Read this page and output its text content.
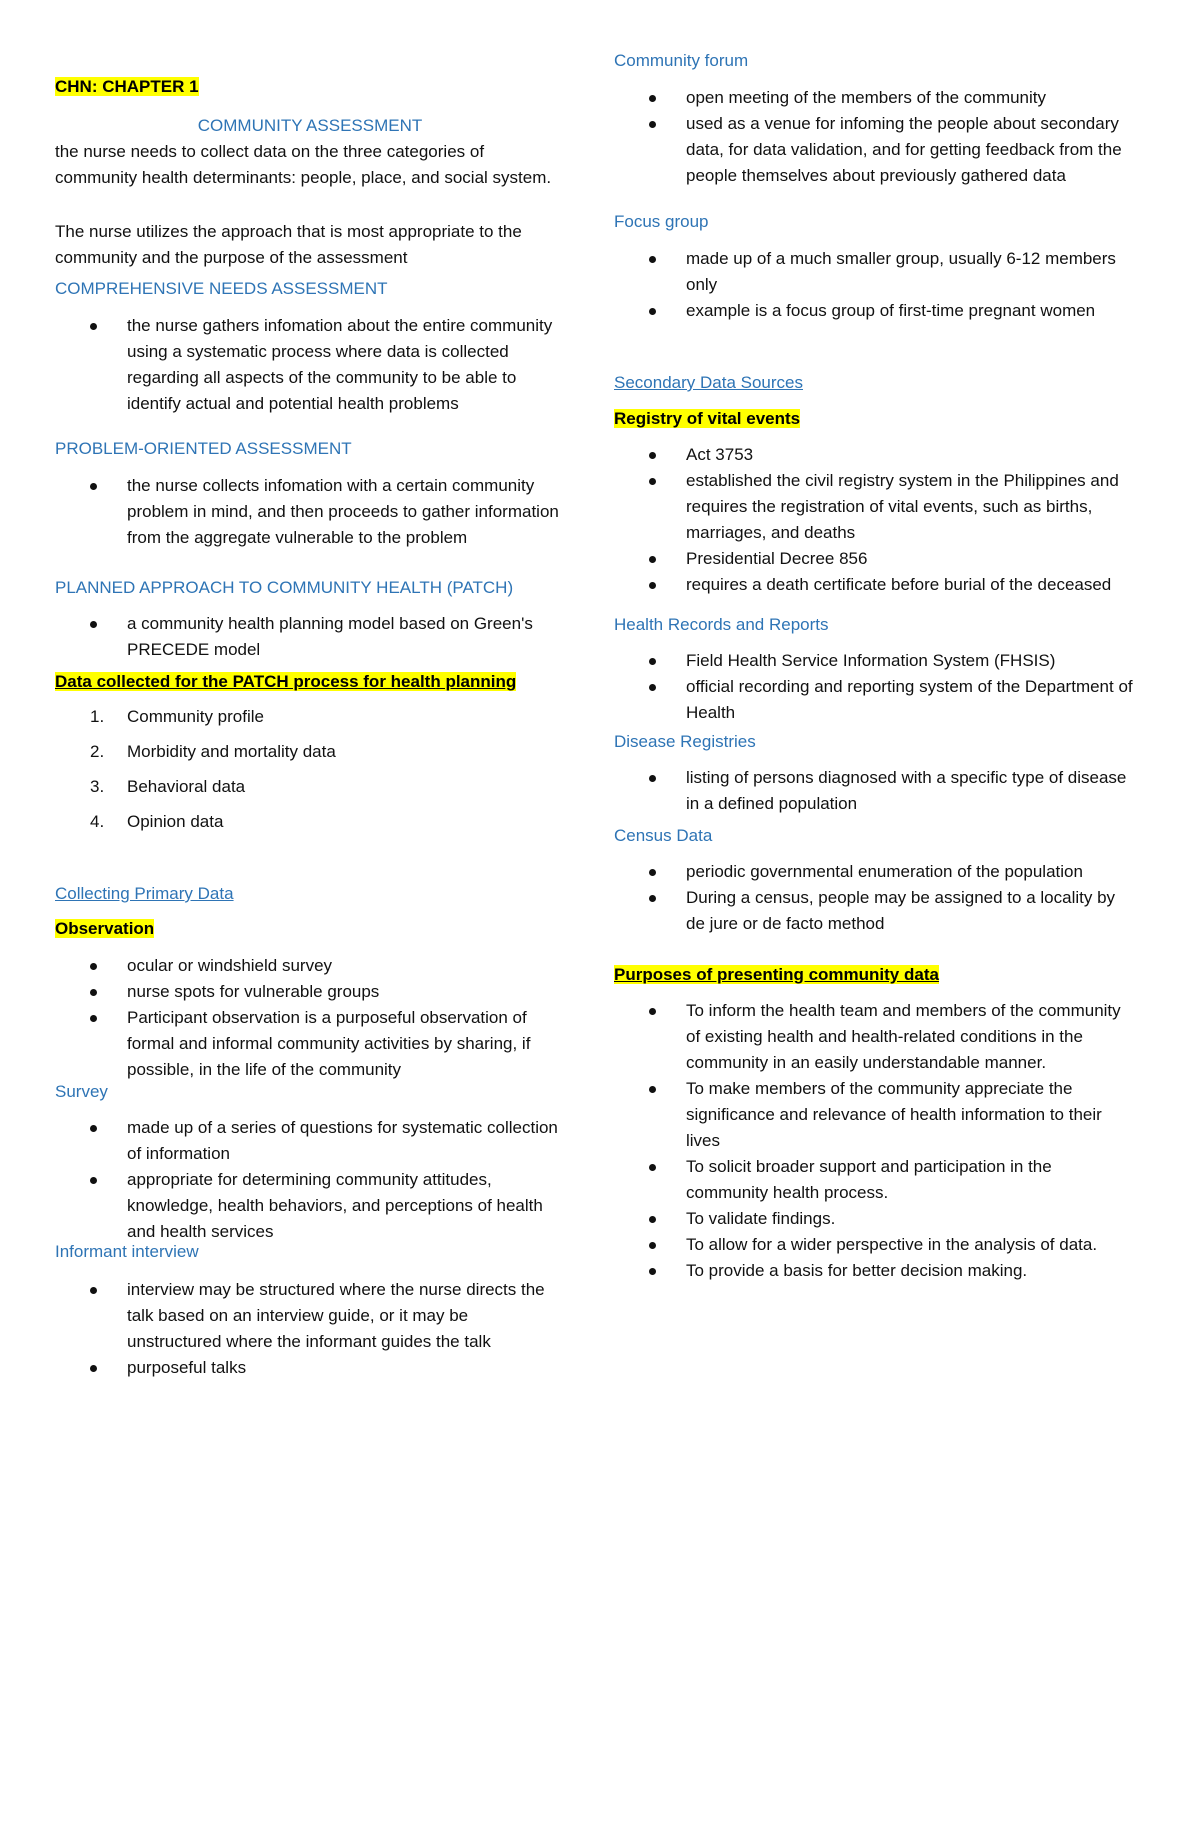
CHN: CHAPTER 1
COMMUNITY ASSESSMENT

the nurse needs to collect data on the three categories of community health determinants: people, place, and social system.

The nurse utilizes the approach that is most appropriate to the community and the purpose of the assessment

COMPREHENSIVE NEEDS ASSESSMENT
the nurse gathers infomation about the entire community using a systematic process where data is collected regarding all aspects of the community to be able to identify actual and potential health problems
PROBLEM-ORIENTED ASSESSMENT
the nurse collects infomation with a certain community problem in mind, and then proceeds to gather information from the aggregate vulnerable to the problem
PLANNED APPROACH TO COMMUNITY HEALTH (PATCH)
a community health planning model based on Green's PRECEDE model
Data collected for the PATCH process for health planning
1. Community profile
2. Morbidity and mortality data
3. Behavioral data
4. Opinion data
Collecting Primary Data
Observation
ocular or windshield survey
nurse spots for vulnerable groups
Participant observation is a purposeful observation of formal and informal community activities by sharing, if possible, in the life of the community
Survey
made up of a series of questions for systematic collection of information
appropriate for determining community attitudes, knowledge, health behaviors, and perceptions of health and health services
Informant interview
interview may be structured where the nurse directs the talk based on an interview guide, or it may be unstructured where the informant guides the talk
purposeful talks
Community forum
open meeting of the members of the community
used as a venue for infoming the people about secondary data, for data validation, and for getting feedback from the people themselves about previously gathered data
Focus group
made up of a much smaller group, usually 6-12 members only
example is a focus group of first-time pregnant women
Secondary Data Sources
Registry of vital events
Act 3753
established the civil registry system in the Philippines and requires the registration of vital events, such as births, marriages, and deaths
Presidential Decree 856
requires a death certificate before burial of the deceased
Health Records and Reports
Field Health Service Information System (FHSIS)
official recording and reporting system of the Department of Health
Disease Registries
listing of persons diagnosed with a specific type of disease in a defined population
Census Data
periodic governmental enumeration of the population
During a census, people may be assigned to a locality by de jure or de facto method
Purposes of presenting community data
To inform the health team and members of the community of existing health and health-related conditions in the community in an easily understandable manner.
To make members of the community appreciate the significance and relevance of health information to their lives
To solicit broader support and participation in the community health process.
To validate findings.
To allow for a wider perspective in the analysis of data.
To provide a basis for better decision making.
